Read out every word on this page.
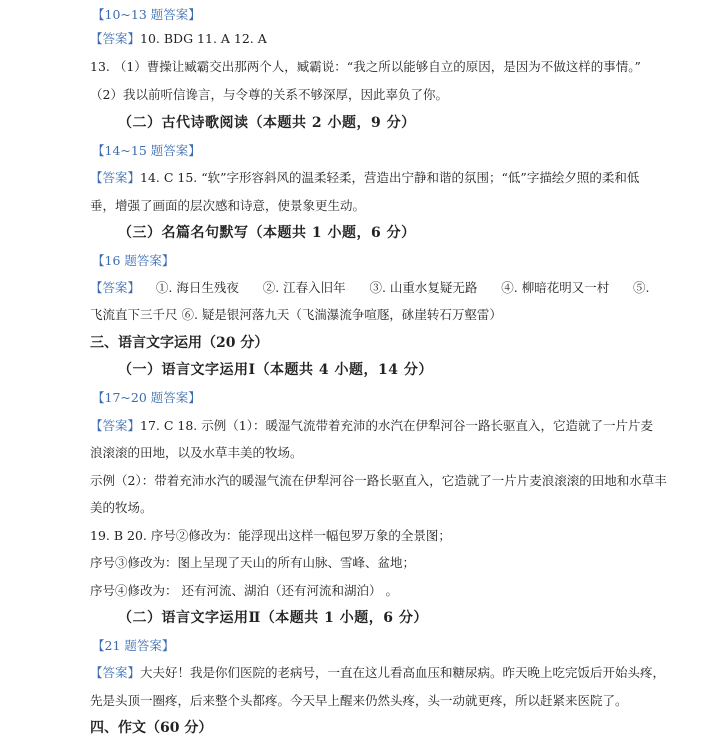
【10~13 题答案】
【答案】10. BDG 11. A 12. A
13. （1）曹操让臧霸交出那两个人，臧霸说：“我之所以能够自立的原因，是因为不做这样的事情。”
（2）我以前听信谗言，与令尊的关系不够深厚，因此辜负了你。
（二）古代诗歌阅读（本题共 2 小题，9 分）
【14~15 题答案】
【答案】14. C 15. “软”字形容斜风的温柔轻柔，营造出宁静和谐的氛围；“低”字描绘夕照的柔和低
垂，增强了画面的层次感和诗意，使景象更生动。
（三）名篇名句默写（本题共 1 小题，6 分）
【16 题答案】
【答案】    ①. 海日生残夜      ②. 江春入旧年      ③. 山重水复疑无路      ④. 柳暗花明又一村      ⑤.
飞流直下三千尺 ⑥. 疑是银河落九天（飞湍瀑流争喧豗，砯崖转石万壑雷）
三、语言文字运用（20 分）
（一）语言文字运用Ⅰ（本题共 4 小题，14 分）
【17~20 题答案】
【答案】17. C 18. 示例（1）：暖湿气流带着充沛的水汽在伊犁河谷一路长驱直入，它造就了一片片麦
浪滚滚的田地，以及水草丰美的牧场。
示例（2）：带着充沛水汽的暖湿气流在伊犁河谷一路长驱直入，它造就了一片片麦浪滚滚的田地和水草丰
美的牧场。
19. B 20. 序号②修改为：能浮现出这样一幅包罗万象的全景图；
序号③修改为：图上呈现了天山的所有山脉、雪峰、盆地；
序号④修改为： 还有河流、湖泊（还有河流和湖泊） 。
（二）语言文字运用Ⅱ（本题共 1 小题，6 分）
【21 题答案】
【答案】大夫好！我是你们医院的老病号，一直在这儿看高血压和糖尿病。昨天晚上吃完饭后开始头疼，
先是头顶一圈疼，后来整个头都疼。今天早上醒来仍然头疼，头一动就更疼，所以赶紧来医院了。
四、作文（60 分）
